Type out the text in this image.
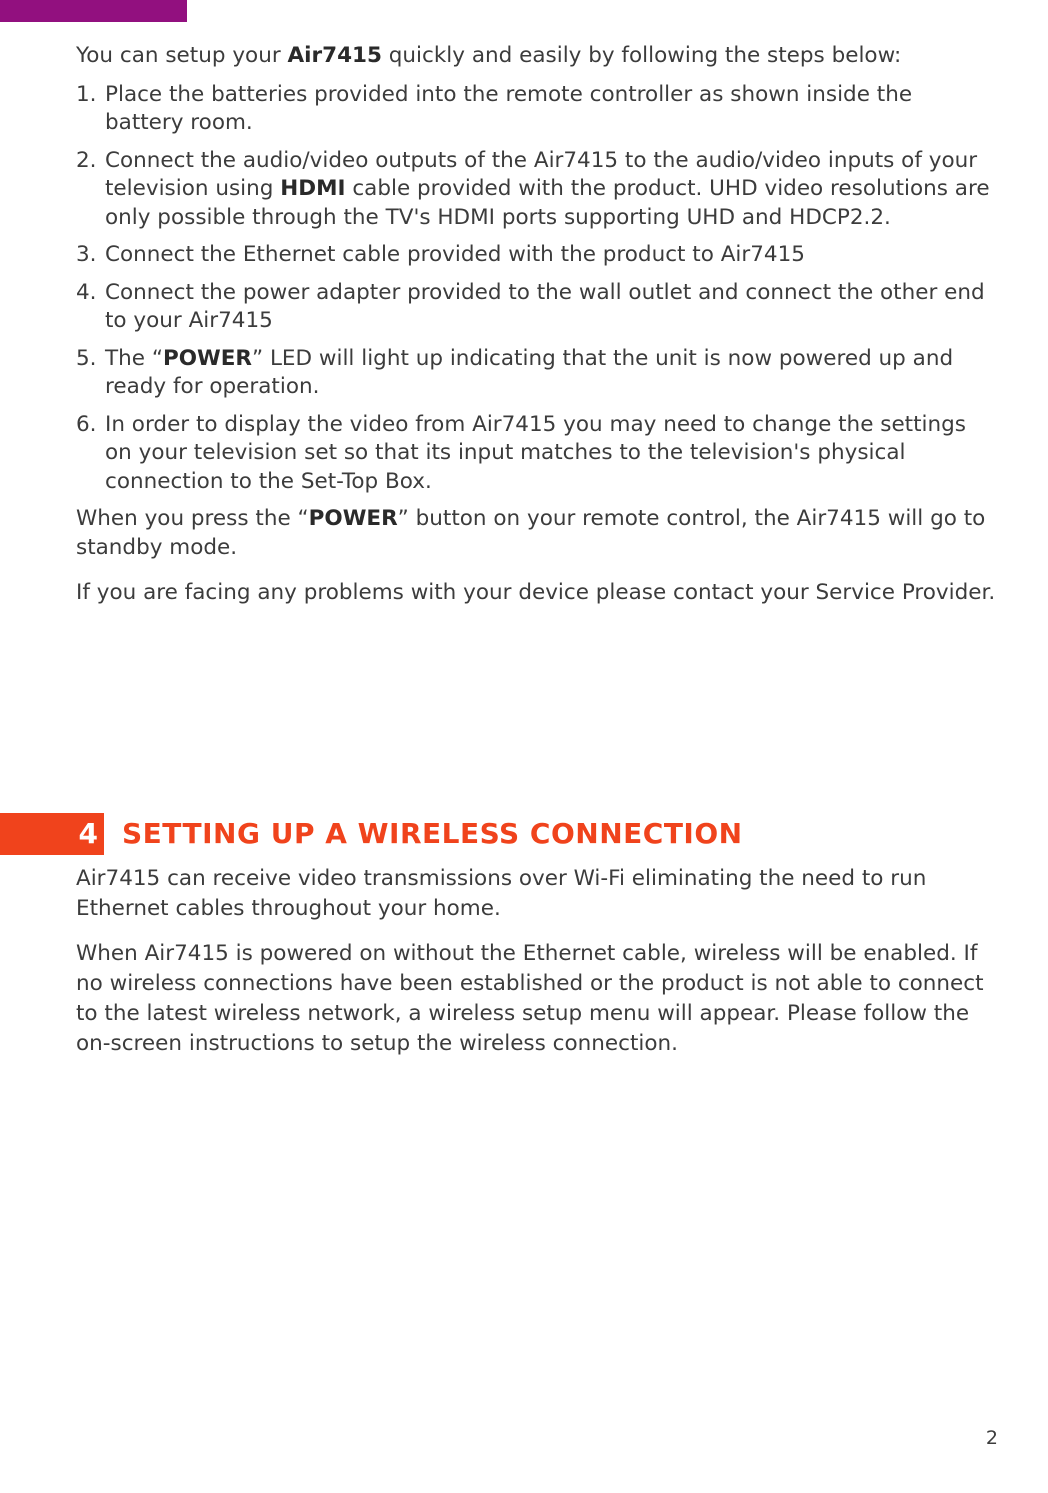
You can setup your Air7415 quickly and easily by following the steps below:

1. Place the batteries provided into the remote controller as shown inside the battery room.
2. Connect the audio/video outputs of the Air7415 to the audio/video inputs of your television using HDMI cable provided with the product. UHD video resolutions are only possible through the TV's HDMI ports supporting UHD and HDCP2.2.
3. Connect the Ethernet cable provided with the product to Air7415
4. Connect the power adapter provided to the wall outlet and connect the other end to your Air7415
5. The “POWER” LED will light up indicating that the unit is now powered up and ready for operation.
6. In order to display the video from Air7415 you may need to change the settings on your television set so that its input matches to the television's physical connection to the Set-Top Box.

When you press the “POWER” button on your remote control, the Air7415 will go to standby mode.

If you are facing any problems with your device please contact your Service Provider.

4 SETTING UP A WIRELESS CONNECTION

Air7415 can receive video transmissions over Wi-Fi eliminating the need to run Ethernet cables throughout your home.

When Air7415 is powered on without the Ethernet cable, wireless will be enabled. If no wireless connections have been established or the product is not able to connect to the latest wireless network, a wireless setup menu will appear. Please follow the on-screen instructions to setup the wireless connection.

2
